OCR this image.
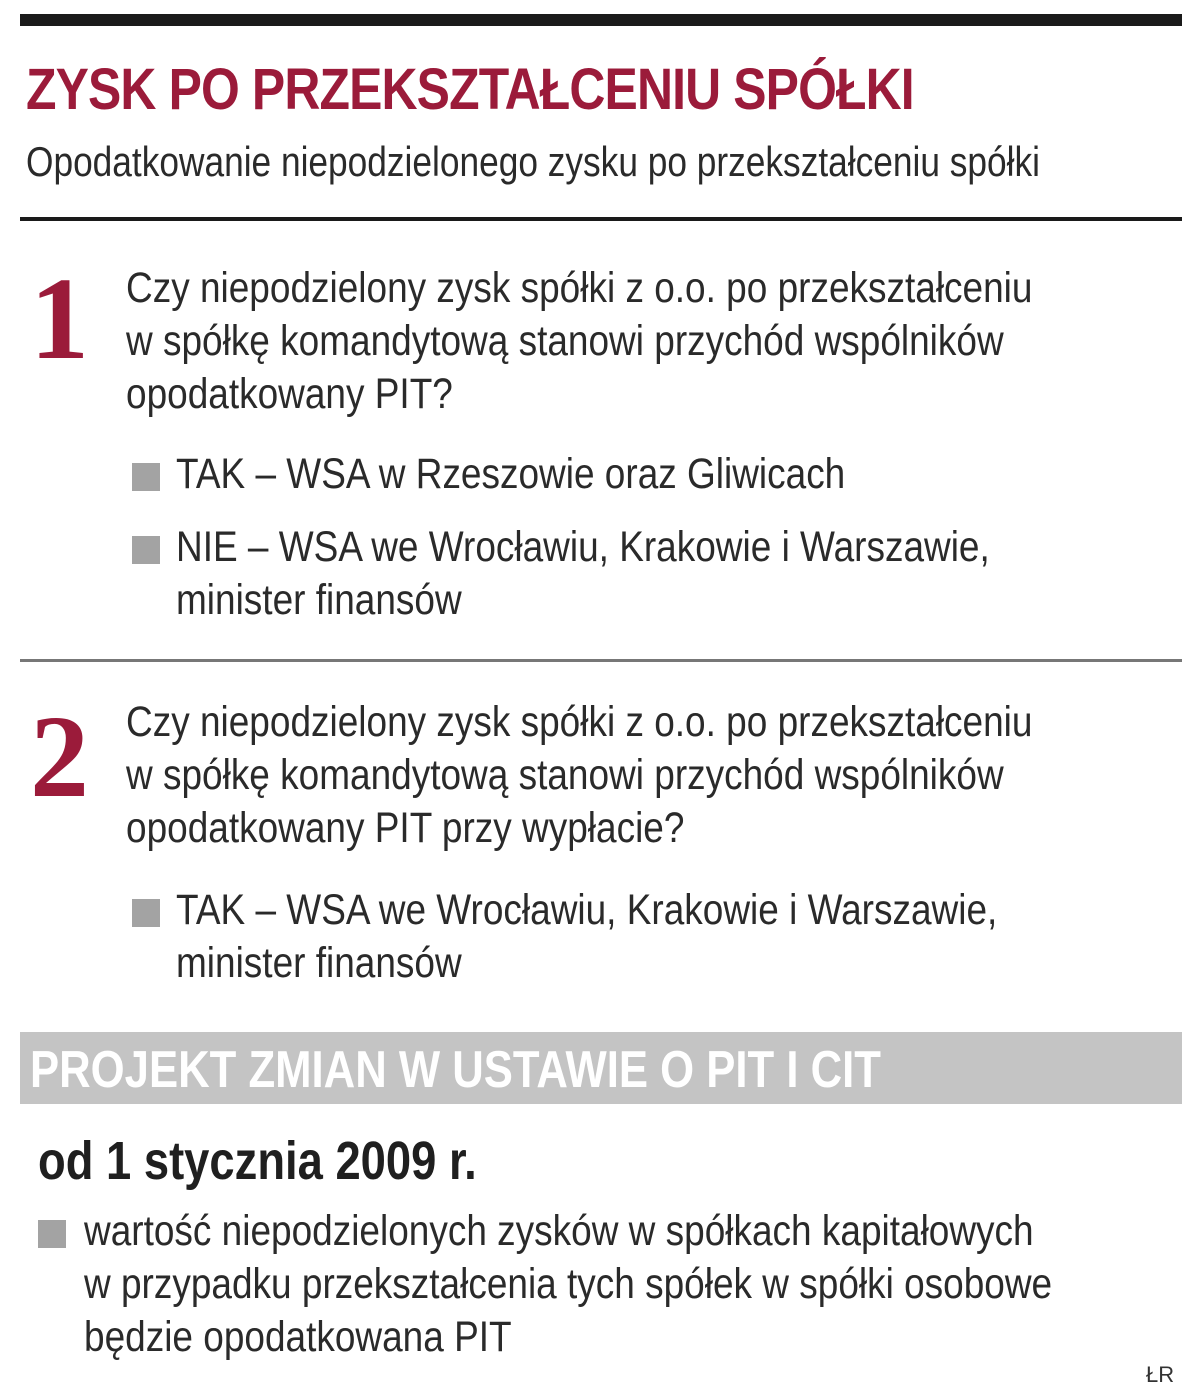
ZYSK PO PRZEKSZTAŁCENIU SPÓŁKI
Opodatkowanie niepodzielonego zysku po przekształceniu spółki
1 Czy niepodzielony zysk spółki z o.o. po przekształceniu
w spółkę komandytową stanowi przychód wspólników
opodatkowany PIT?
TAK – WSA w Rzeszowie oraz Gliwicach
NIE – WSA we Wrocławiu, Krakowie i Warszawie,
minister finansów
2 Czy niepodzielony zysk spółki z o.o. po przekształceniu
w spółkę komandytową stanowi przychód wspólników
opodatkowany PIT przy wypłacie?
TAK – WSA we Wrocławiu, Krakowie i Warszawie,
minister finansów
PROJEKT ZMIAN W USTAWIE O PIT I CIT
od 1 stycznia 2009 r.
wartość niepodzielonych zysków w spółkach kapitałowych
w przypadku przekształcenia tych spółek w spółki osobowe
będzie opodatkowana PIT
ŁR
